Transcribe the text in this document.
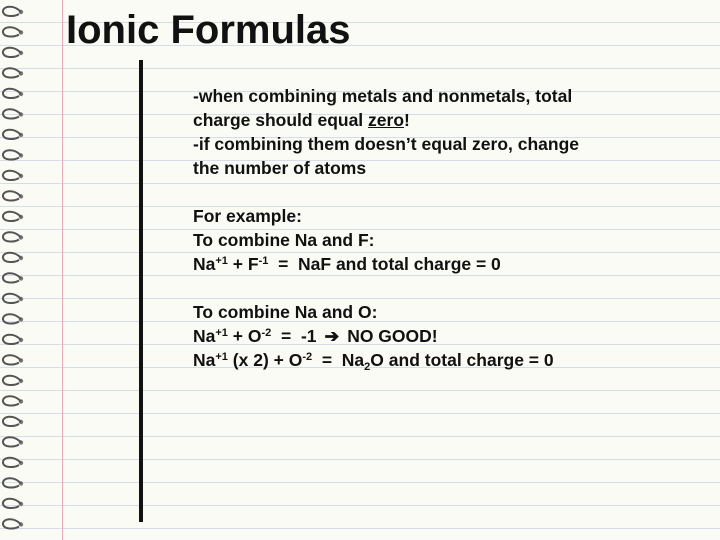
Ionic Formulas

-when combining metals and nonmetals, total

charge should equal zero!

-if combining them doesn’t equal zero, change

the number of atoms

For example:

To combine Na and F:

$Na^{+1} + F^{-1}$  =  NaF and total charge = 0

To combine Na and O:

$Na^{+1} + O^{-2} = -1$ ➔ NO GOOD!

$Na^{+1}$ (x $2) + O^{-2} = Na_2O$ and total charge = 0
